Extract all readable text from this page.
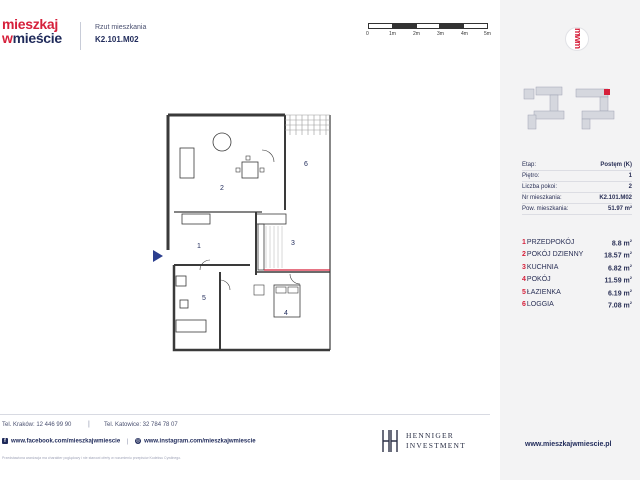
mieszkaj
wmieście
Rzut mieszkania
K2.101.M02
0	1m	2m	3m	4m	5m
1
2
3
4
5
6
mwm
Etap:	Postęm (K)
Piętro:	1
Liczba pokoi:	2
Nr mieszkania:	K2.101.M02
Pow. mieszkania:	51.97 m²
1PRZEDPOKÓJ	8.8 $m^2$
2POKÓJ DZIENNY	18.57 $m^2$
3KUCHNIA	6.82 $m^2$
4POKÓJ	11.59 $m^2$
5ŁAZIENKA	6.19 $m^2$
6LOGGIA	7.08 $m^2$
Tel. Kraków: 12 446 99 90 | Tel. Katowice: 32 784 78 07
f www.facebook.com/mieszkajwmiescie | ◎ www.instagram.com/mieszkajwmiescie
Przedstawiona aranżacja ma charakter poglądowy i nie stanowi oferty w rozumieniu przepisów Kodeksu Cywilnego.
HENNIGER
INVESTMENT	www.mieszkajwmiescie.pl
